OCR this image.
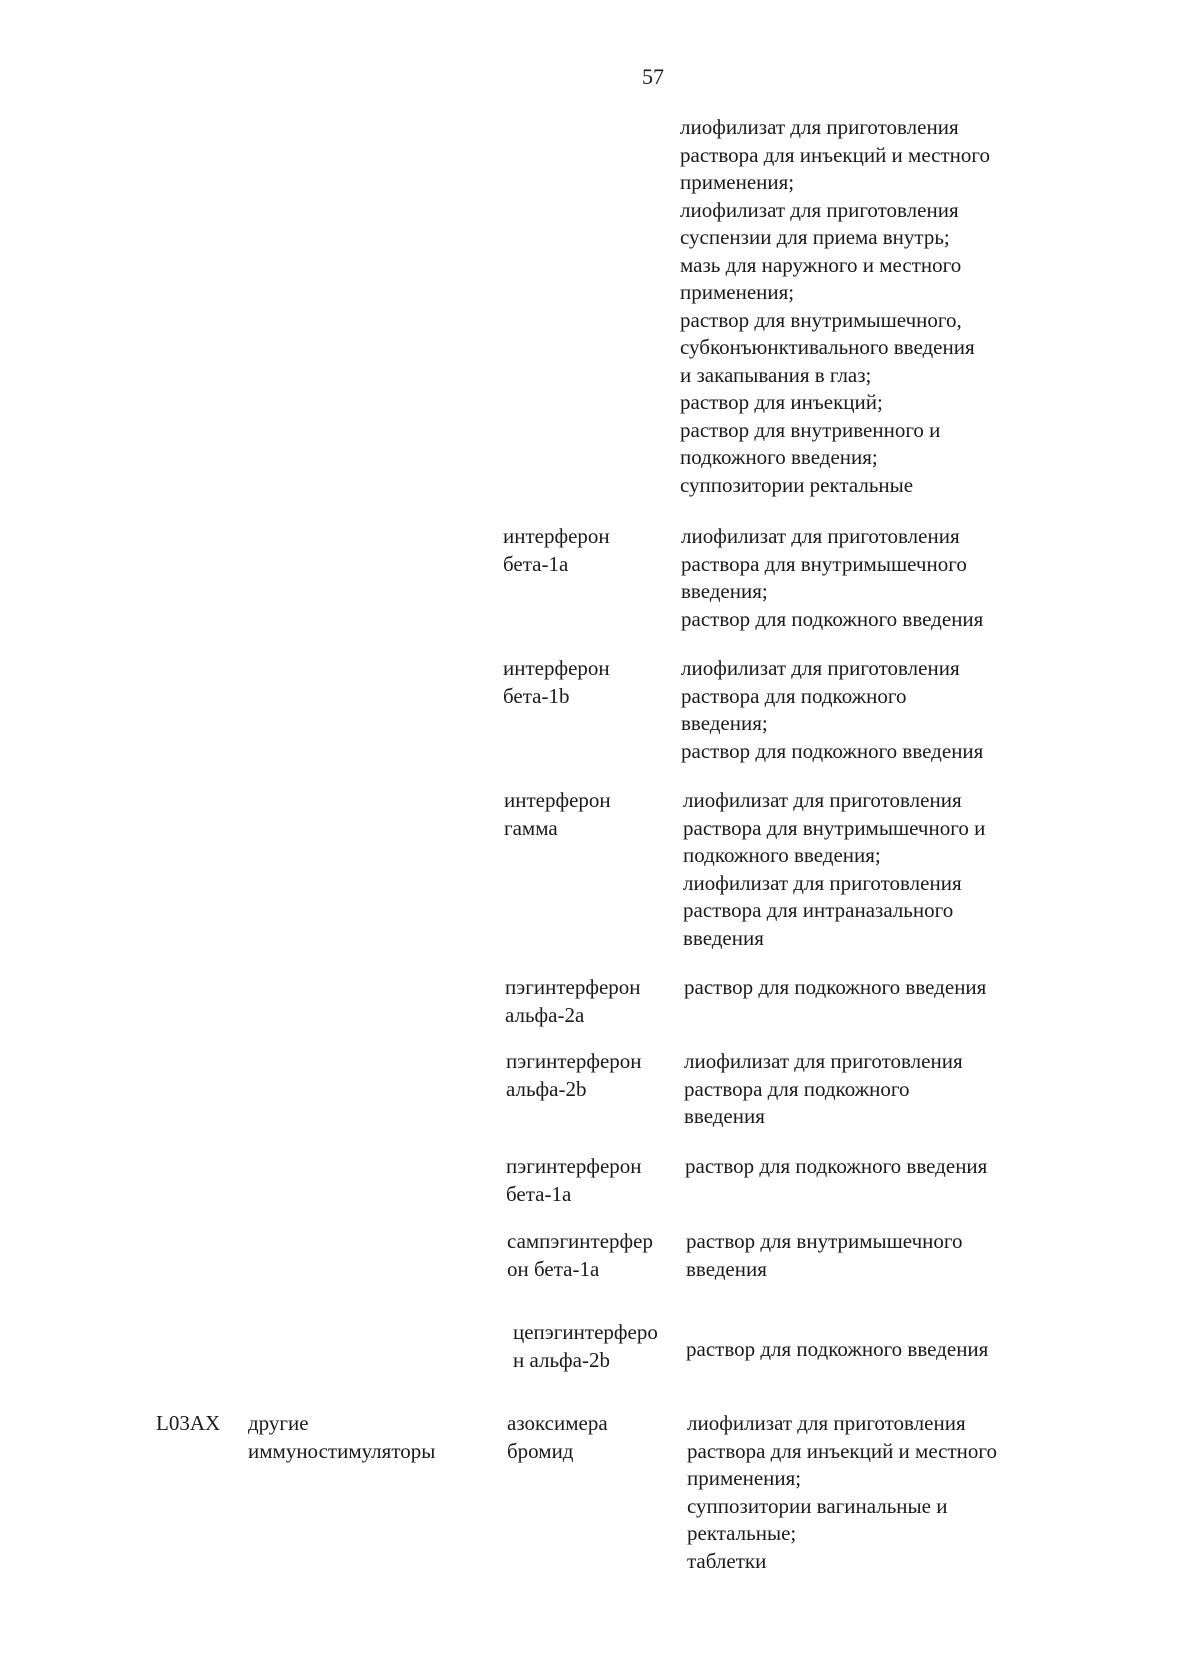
57
лиофилизат для приготовления
раствора для инъекций и местного
применения;
лиофилизат для приготовления
суспензии для приема внутрь;
мазь для наружного и местного
применения;
раствор для внутримышечного,
субконъюнктивального введения
и закапывания в глаз;
раствор для инъекций;
раствор для внутривенного и
подкожного введения;
суппозитории ректальные
интерферон
бета-1a
лиофилизат для приготовления
раствора для внутримышечного
введения;
раствор для подкожного введения
интерферон
бета-1b
лиофилизат для приготовления
раствора для подкожного
введения;
раствор для подкожного введения
интерферон
гамма
лиофилизат для приготовления
раствора для внутримышечного и
подкожного введения;
лиофилизат для приготовления
раствора для интраназального
введения
пэгинтерферон
альфа-2a
раствор для подкожного введения
пэгинтерферон
альфа-2b
лиофилизат для приготовления
раствора для подкожного
введения
пэгинтерферон
бета-1a
раствор для подкожного введения
сампэгинтерфер
он бета-1a
раствор для внутримышечного
введения
цепэгинтерферо
н альфа-2b	раствор для подкожного введения
L03AX другие
иммуностимуляторы
азоксимера
бромид
лиофилизат для приготовления
раствора для инъекций и местного
применения;
суппозитории вагинальные и
ректальные;
таблетки
